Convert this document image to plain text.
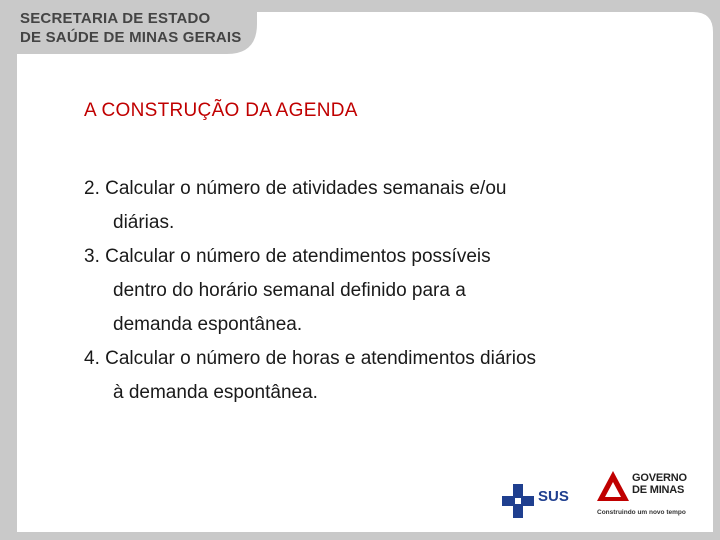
SECRETARIA DE ESTADO
DE SAÚDE DE MINAS GERAIS
A CONSTRUÇÃO DA AGENDA
2. Calcular o número de atividades semanais e/ou
diárias.
3. Calcular o número de atendimentos possíveis
dentro do horário semanal definido para a
demanda espontânea.
4. Calcular o número de horas e atendimentos diários
à demanda espontânea.
SUS
GOVERNO
DE MINAS
Construindo um novo tempo
